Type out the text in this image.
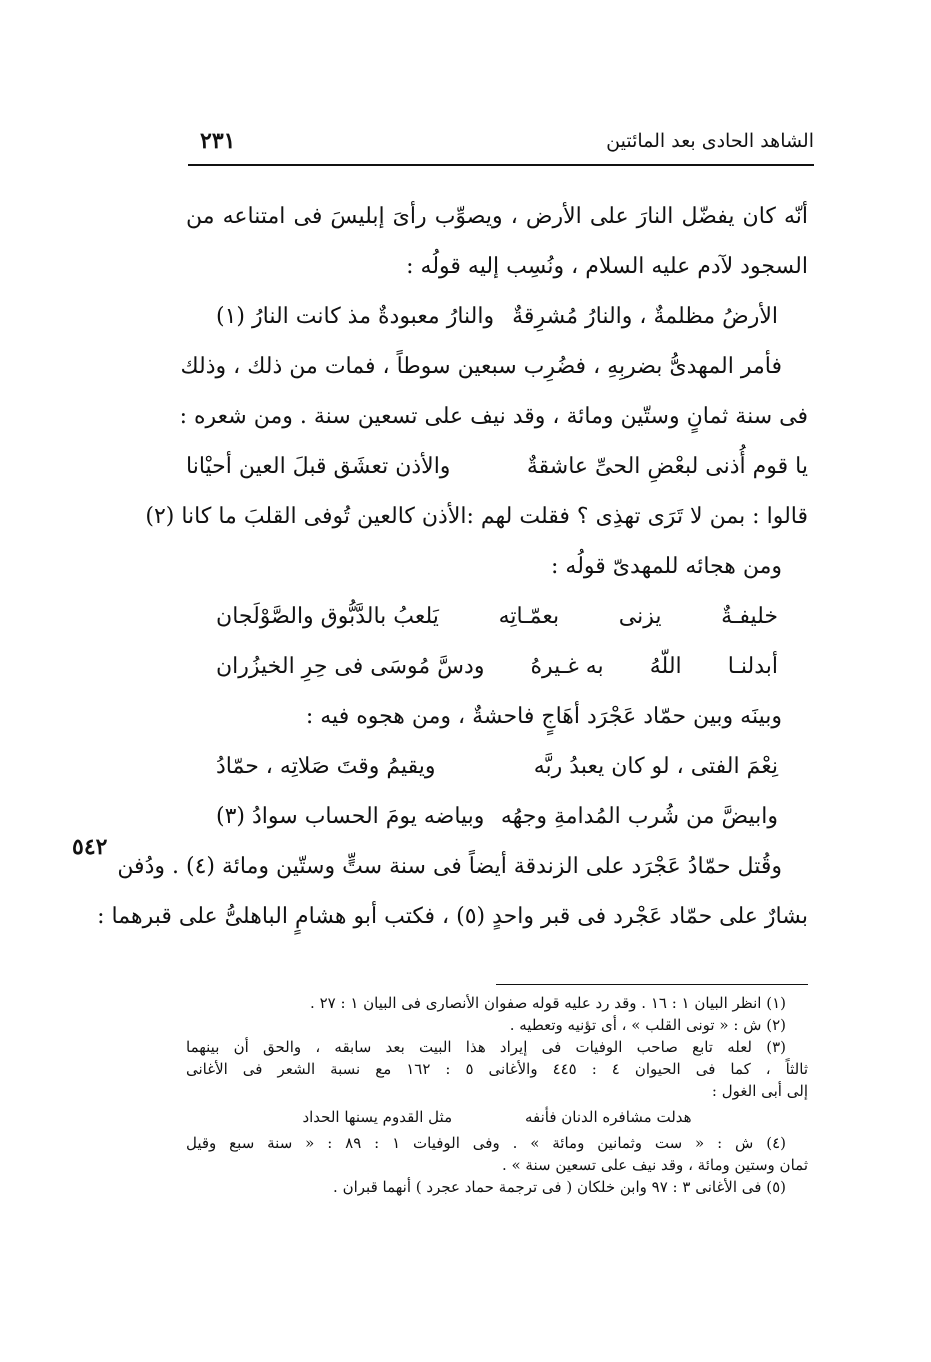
الشاهد الحادى بعد المائتين
٢٣١
٥٤٢
أنّه كان يفضّل النارَ على الأرض ، ويصوِّب رأىَ إبليسَ فى امتناعه من
السجود لآدم عليه السلام ، ونُسِب إليه قولُه :
الأرضُ مظلمةٌ ، والنارُ مُشرِقةٌ
والنارُ معبودةٌ مذ كانت النارُ (١)
فأمر المهدىُّ بضربِهِ ، فضُرِب سبعين سوطاً ، فمات من ذلك ، وذلك
فى سنة ثمانٍ وستّين ومائة ، وقد نيف على تسعين سنة . ومن شعره :
يا قوم أُذنى لبعْضِ الحىِّ عاشقةٌ
والأذن تعشَق قبلَ العين أحيْانا
قالوا : بمن لا تَرَى تهذِى ؟ فقلت لهم :
الأذن كالعين تُوفى القلبَ ما كانا (٢)
ومن هجائه للمهدىّ قولُه :
خليفـةٌ
يزنى
بعمّـاتِه
يَلعبُ بالدَّبُّوق والصَّوْلَجان
أبدلنـا
اللّهُ
به غـيرهُ
ودسَّ مُوسَى فى حِرِ الخيزُران
وبينَه وبين حمّاد عَجْرَد أهَاجٍ فاحشةٌ ، ومن هجوه فيه :
نِعْمَ الفتى ، لو كان يعبدُ ربَّه
ويقيمُ وقتَ صَلاتِه ، حمّادُ
وابيضَّ من شُرب المُدامةِ وجهُه
وبياضه يومَ الحساب سوادُ (٣)
وقُتل حمّادُ عَجْرَد على الزندقة أيضاً فى سنة ستٍّ وستّين ومائة (٤) . ودُفن
بشارٌ على حمّاد عَجْرد فى قبر واحدٍ (٥) ، فكتب أبو هشامٍ الباهلىُّ على قبرهما :
(١) انظر البيان ١ : ١٦ . وقد رد عليه قوله صفوان الأنصارى فى البيان ١ : ٢٧ .
(٢) ش : « تونى القلب » ، أى تؤنيه وتعطيه .
(٣) لعله تابع صاحب الوفيات فى إيراد هذا البيت بعد سابقه ، والحق أن بينهما
ثالثاً ، كما فى الحيوان ٤ : ٤٤٥ والأغانى ٥ : ١٦٢ مع نسبة الشعر فى الأغانى
إلى أبى الغول :
هدلت مشافره الدنان فأنفه
مثل القدوم يسنها الحداد
(٤) ش : « ست وثمانين ومائة » . وفى الوفيات ١ : ٨٩ : « سنة سبع وقيل
ثمان وستين ومائة ، وقد نيف على تسعين سنة » .
(٥) فى الأغانى ٣ : ٩٧ وابن خلكان ( فى ترجمة حماد عجرد ) أنهما قبران .
